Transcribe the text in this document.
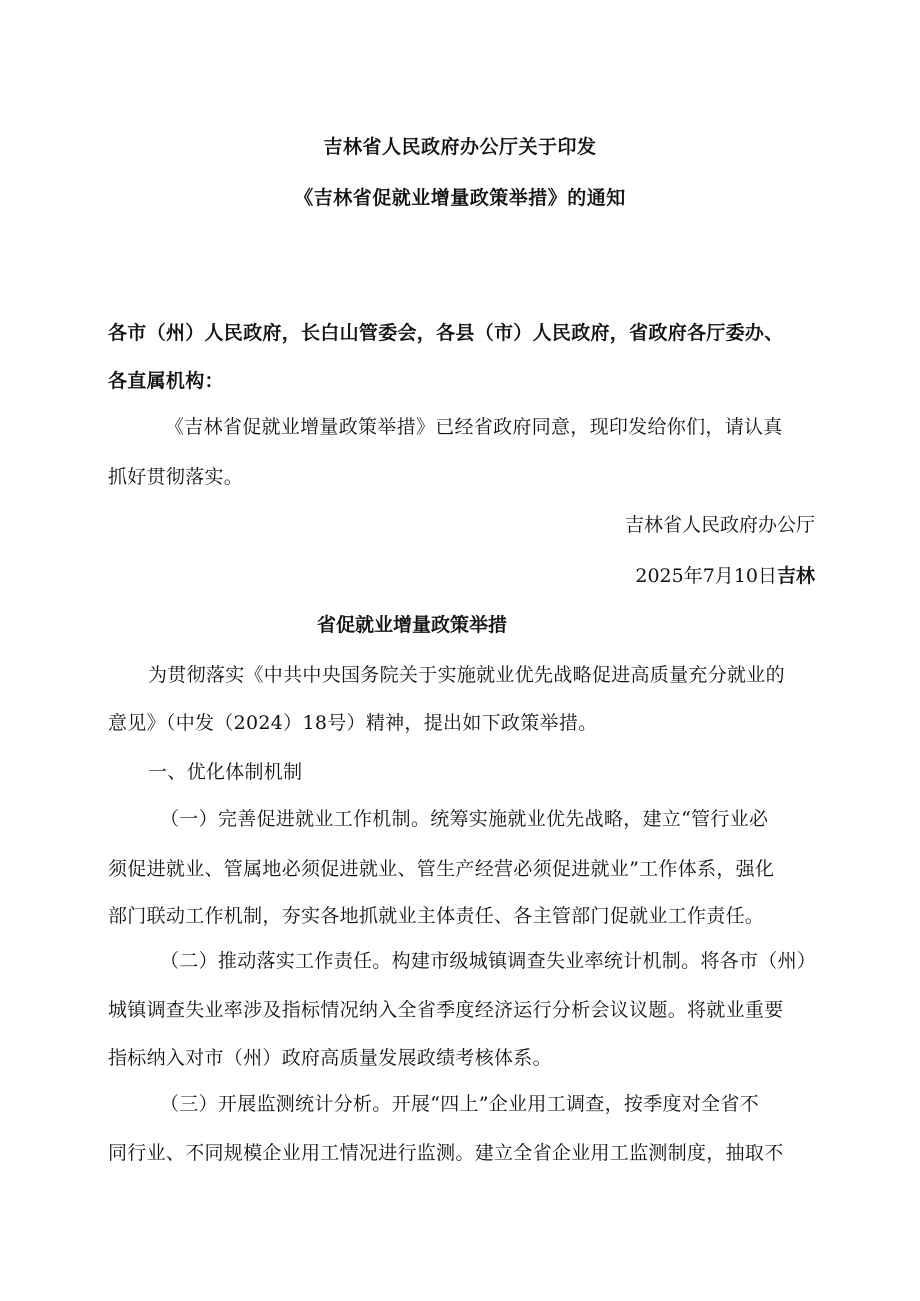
吉林省人民政府办公厅关于印发
《吉林省促就业增量政策举措》的通知
各市（州）人民政府，长白山管委会，各县（市）人民政府，省政府各厅委办、
各直属机构：
《吉林省促就业增量政策举措》已经省政府同意，现印发给你们，请认真
抓好贯彻落实。
吉林省人民政府办公厅
2025年7月10日吉林
省促就业增量政策举措
为贯彻落实《中共中央国务院关于实施就业优先战略促进高质量充分就业的
意见》（中发（2024）18号）精神，提出如下政策举措。
一、优化体制机制
（一）完善促进就业工作机制。统筹实施就业优先战略，建立“管行业必
须促进就业、管属地必须促进就业、管生产经营必须促进就业”工作体系，强化
部门联动工作机制，夯实各地抓就业主体责任、各主管部门促就业工作责任。
（二）推动落实工作责任。构建市级城镇调查失业率统计机制。将各市（州）
城镇调查失业率涉及指标情况纳入全省季度经济运行分析会议议题。将就业重要
指标纳入对市（州）政府高质量发展政绩考核体系。
（三）开展监测统计分析。开展“四上”企业用工调查，按季度对全省不
同行业、不同规模企业用工情况进行监测。建立全省企业用工监测制度，抽取不
